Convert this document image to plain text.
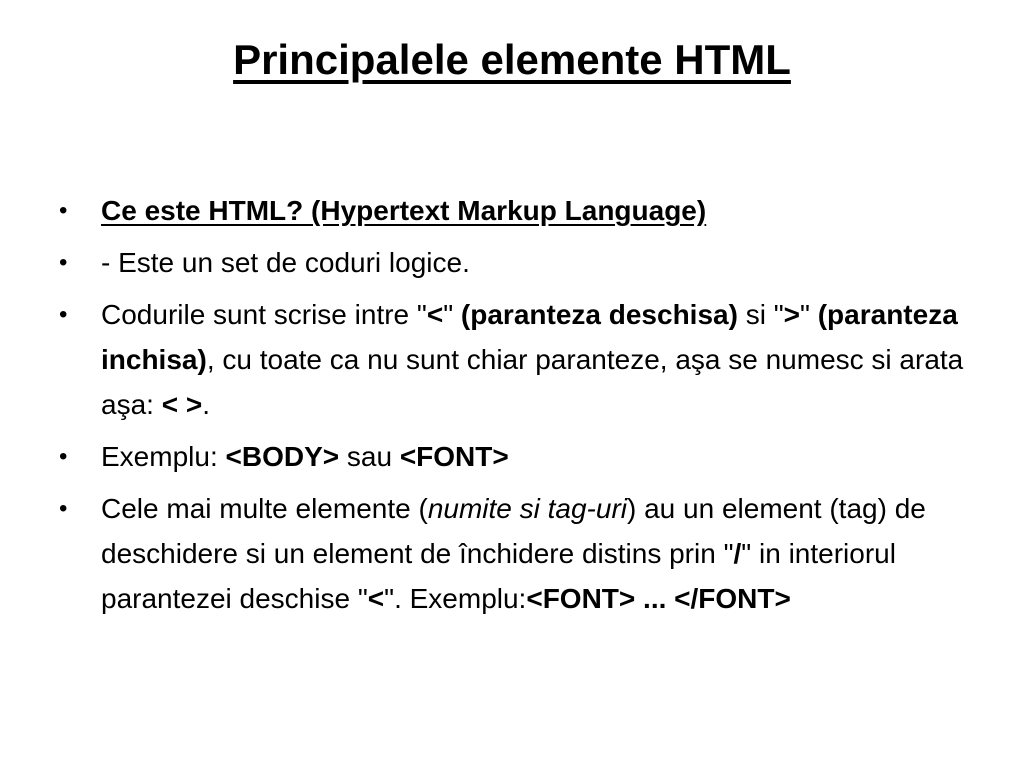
Principalele elemente HTML
• Ce este HTML? (Hypertext Markup Language)
• - Este un set de coduri logice.
• Codurile sunt scrise intre "<" (paranteza deschisa) si ">" (paranteza inchisa), cu toate ca nu sunt chiar paranteze, aşa se numesc si arata aşa: < >.
• Exemplu: <BODY> sau <FONT>
• Cele mai multe elemente (numite si tag-uri) au un element (tag) de deschidere si un element de închidere distins prin "/" in interiorul parantezei deschise "<". Exemplu:<FONT> ... </FONT>
